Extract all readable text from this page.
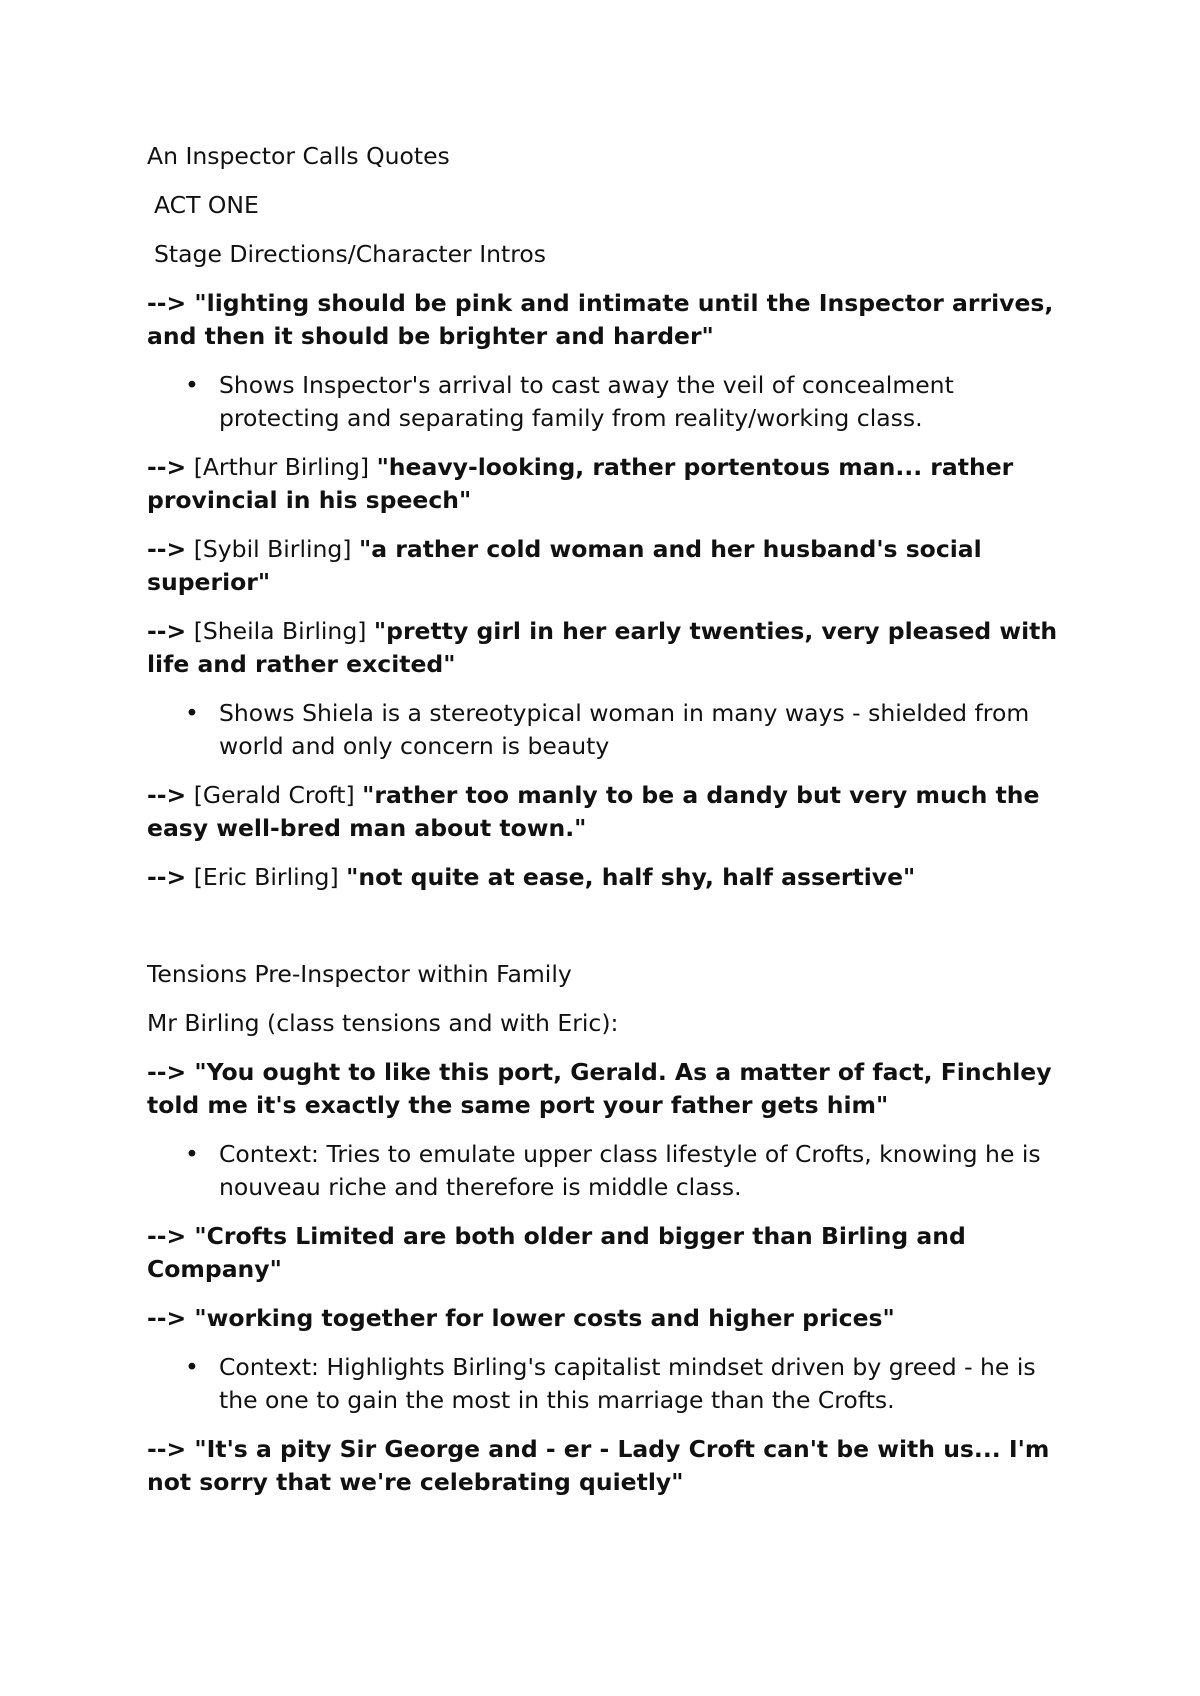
An Inspector Calls Quotes

ACT ONE

Stage Directions/Character Intros

--> "lighting should be pink and intimate until the Inspector arrives, and then it should be brighter and harder"

• Shows Inspector's arrival to cast away the veil of concealment protecting and separating family from reality/working class.

--> [Arthur Birling] "heavy-looking, rather portentous man... rather provincial in his speech"

--> [Sybil Birling] "a rather cold woman and her husband's social superior"

--> [Sheila Birling] "pretty girl in her early twenties, very pleased with life and rather excited"

• Shows Shiela is a stereotypical woman in many ways - shielded from world and only concern is beauty

--> [Gerald Croft] "rather too manly to be a dandy but very much the easy well-bred man about town."

--> [Eric Birling] "not quite at ease, half shy, half assertive"

Tensions Pre-Inspector within Family

Mr Birling (class tensions and with Eric):

--> "You ought to like this port, Gerald. As a matter of fact, Finchley told me it's exactly the same port your father gets him"

• Context: Tries to emulate upper class lifestyle of Crofts, knowing he is nouveau riche and therefore is middle class.

--> "Crofts Limited are both older and bigger than Birling and Company"

--> "working together for lower costs and higher prices"

• Context: Highlights Birling's capitalist mindset driven by greed - he is the one to gain the most in this marriage than the Crofts.

--> "It's a pity Sir George and - er - Lady Croft can't be with us... I'm not sorry that we're celebrating quietly"
